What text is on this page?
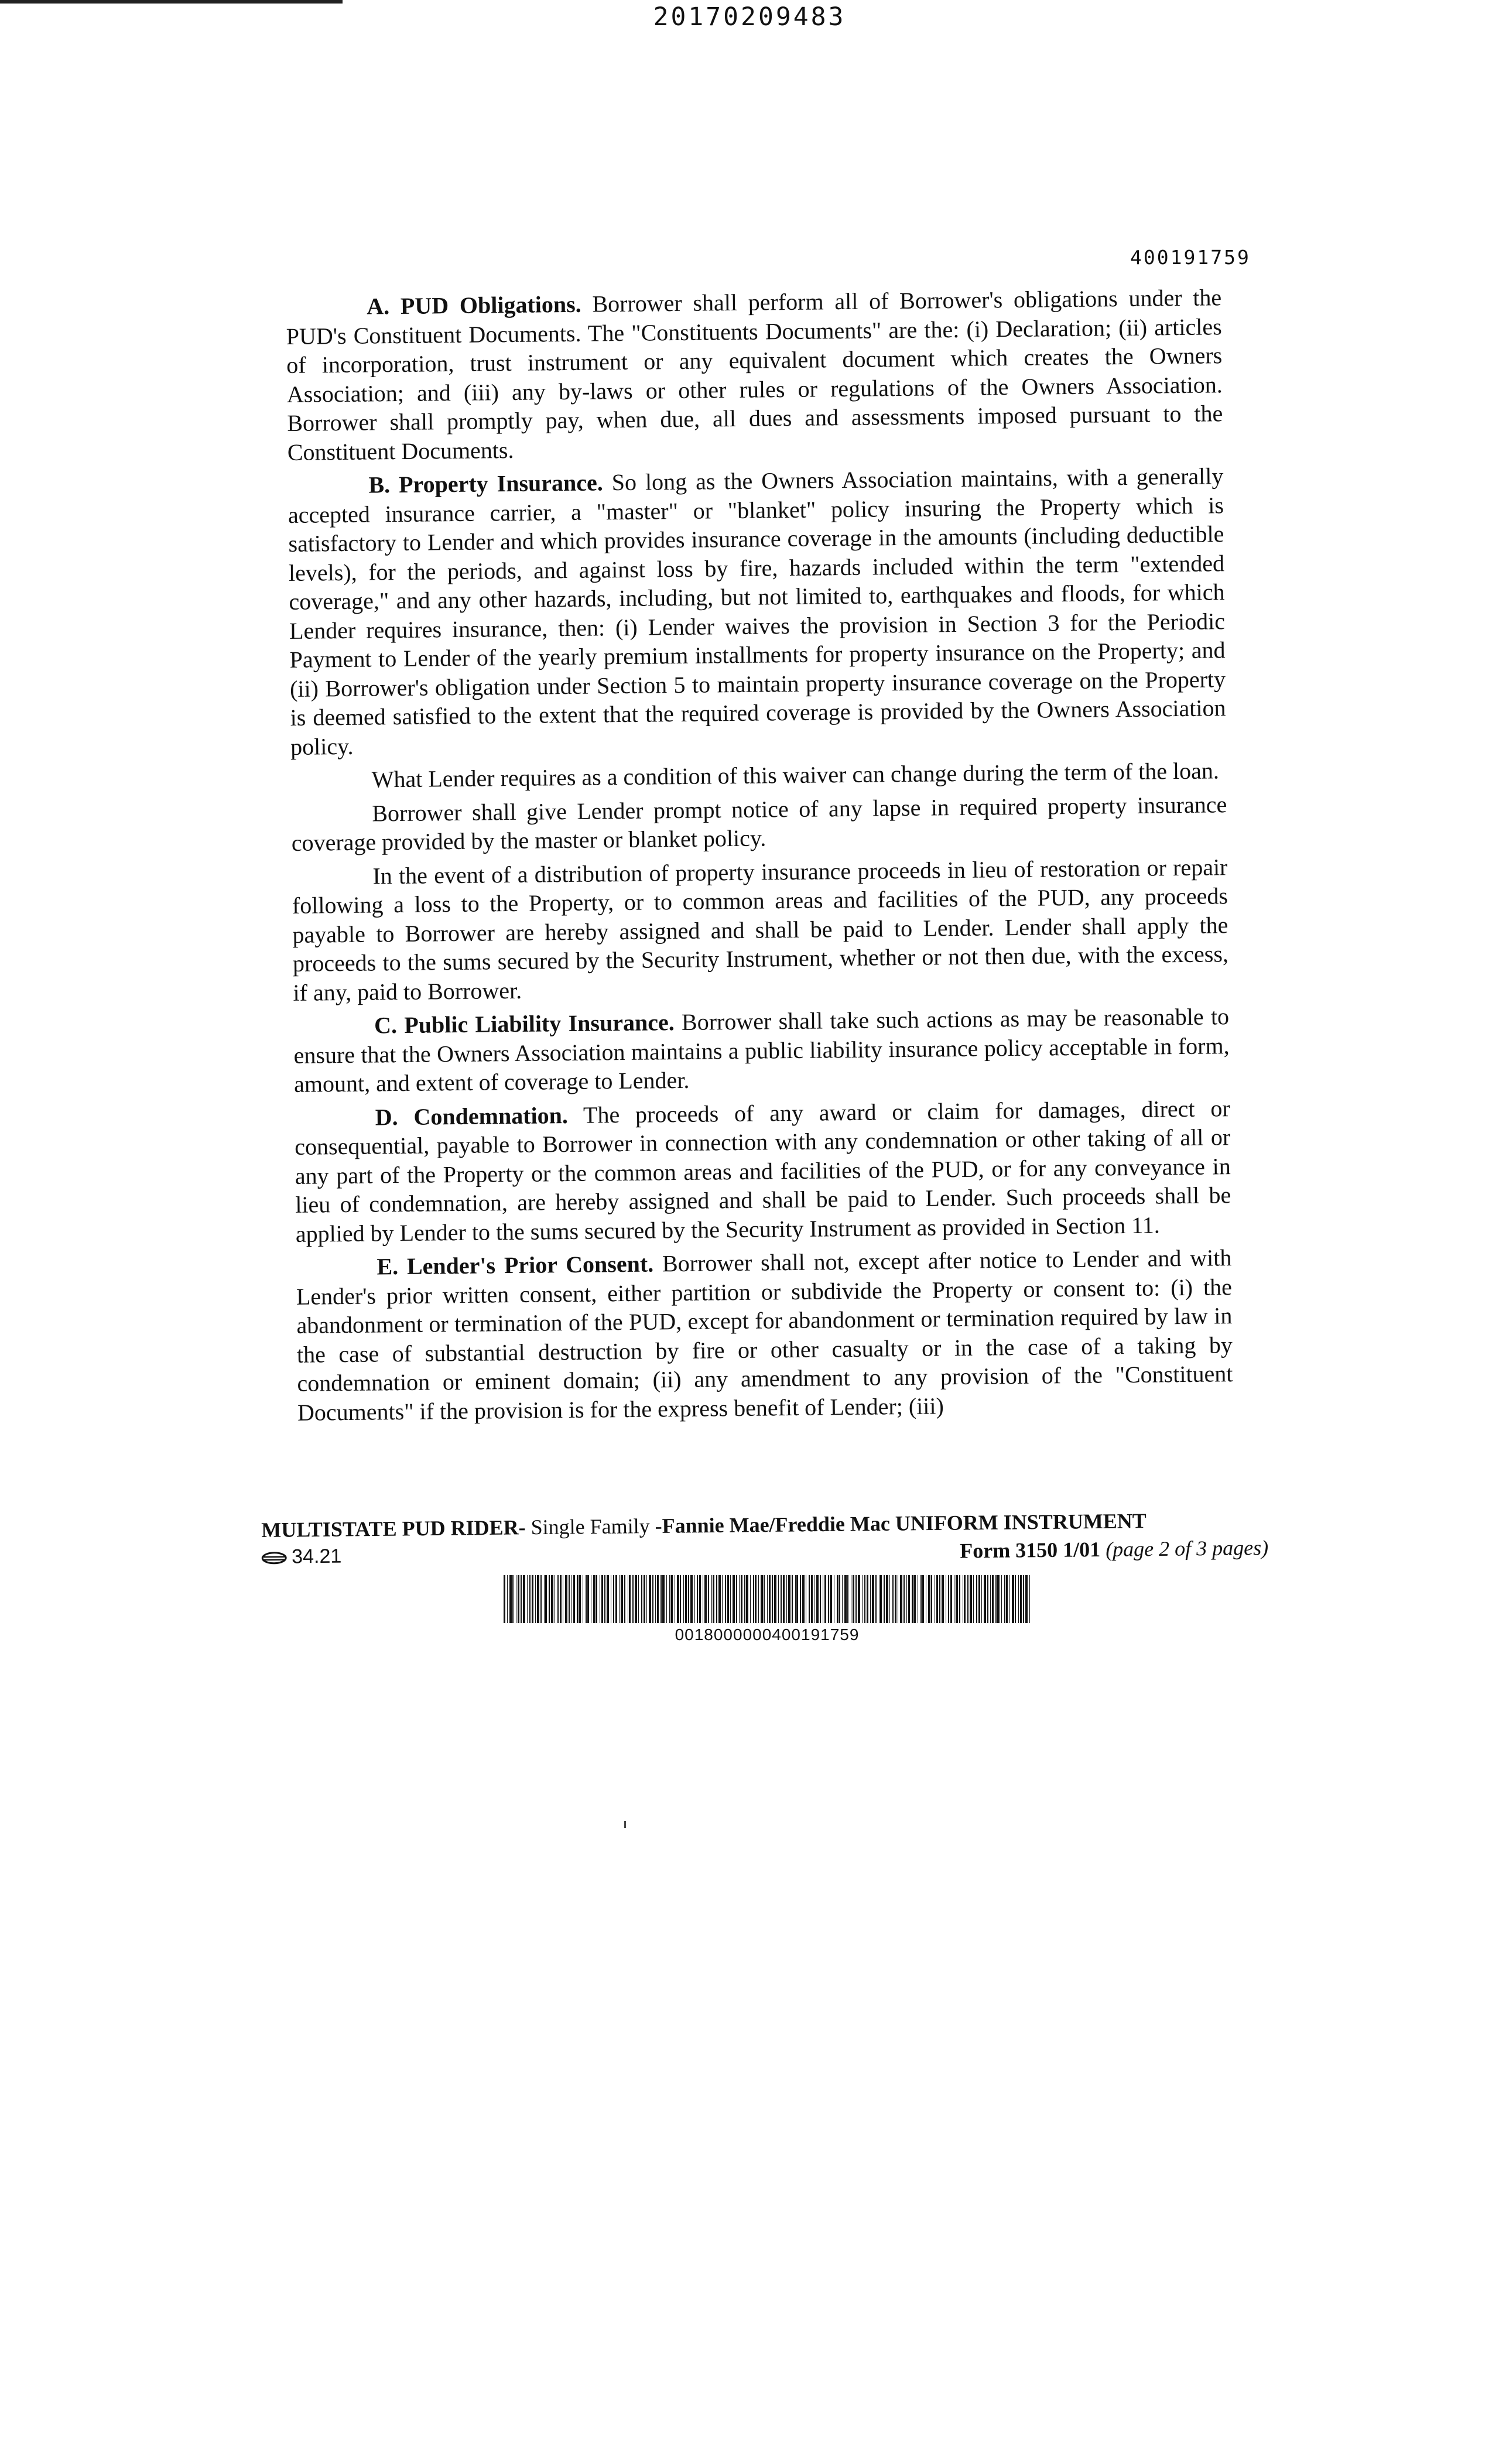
20170209483
400191759

A. PUD Obligations. Borrower shall perform all of Borrower's obligations under the PUD's Constituent Documents. The "Constituents Documents" are the: (i) Declaration; (ii) articles of incorporation, trust instrument or any equivalent document which creates the Owners Association; and (iii) any by-laws or other rules or regulations of the Owners Association. Borrower shall promptly pay, when due, all dues and assessments imposed pursuant to the Constituent Documents.

B. Property Insurance. So long as the Owners Association maintains, with a generally accepted insurance carrier, a "master" or "blanket" policy insuring the Property which is satisfactory to Lender and which provides insurance coverage in the amounts (including deductible levels), for the periods, and against loss by fire, hazards included within the term "extended coverage," and any other hazards, including, but not limited to, earthquakes and floods, for which Lender requires insurance, then: (i) Lender waives the provision in Section 3 for the Periodic Payment to Lender of the yearly premium installments for property insurance on the Property; and (ii) Borrower's obligation under Section 5 to maintain property insurance coverage on the Property is deemed satisfied to the extent that the required coverage is provided by the Owners Association policy.

What Lender requires as a condition of this waiver can change during the term of the loan.

Borrower shall give Lender prompt notice of any lapse in required property insurance coverage provided by the master or blanket policy.

In the event of a distribution of property insurance proceeds in lieu of restoration or repair following a loss to the Property, or to common areas and facilities of the PUD, any proceeds payable to Borrower are hereby assigned and shall be paid to Lender. Lender shall apply the proceeds to the sums secured by the Security Instrument, whether or not then due, with the excess, if any, paid to Borrower.

C. Public Liability Insurance. Borrower shall take such actions as may be reasonable to ensure that the Owners Association maintains a public liability insurance policy acceptable in form, amount, and extent of coverage to Lender.

D. Condemnation. The proceeds of any award or claim for damages, direct or consequential, payable to Borrower in connection with any condemnation or other taking of all or any part of the Property or the common areas and facilities of the PUD, or for any conveyance in lieu of condemnation, are hereby assigned and shall be paid to Lender. Such proceeds shall be applied by Lender to the sums secured by the Security Instrument as provided in Section 11.

E. Lender's Prior Consent. Borrower shall not, except after notice to Lender and with Lender's prior written consent, either partition or subdivide the Property or consent to: (i) the abandonment or termination of the PUD, except for abandonment or termination required by law in the case of substantial destruction by fire or other casualty or in the case of a taking by condemnation or eminent domain; (ii) any amendment to any provision of the "Constituent Documents" if the provision is for the express benefit of Lender; (iii)

MULTISTATE PUD RIDER- Single Family -Fannie Mae/Freddie Mac UNIFORM INSTRUMENT
34.21	Form 3150 1/01 (page 2 of 3 pages)
0018000000400191759
